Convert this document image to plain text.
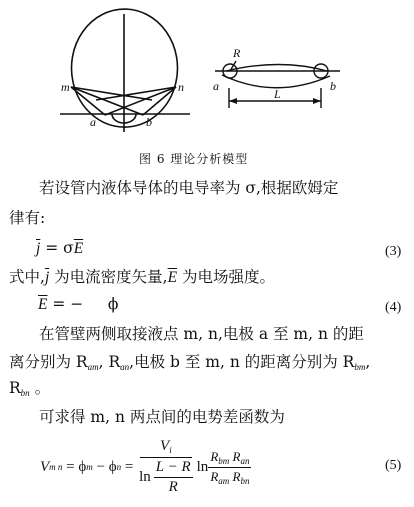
m	n
a	b
R
a	b
L
图 6 理论分析模型
若设管内液体导体的电导率为 σ,根据欧姆定
律有:
$\overline{j} = \sigma\overline{E}$	(3)
式中$,\overline{j}$ 为电流密度矢量$,\overline{E}$ 为电场强度。
$\overline{E}$ = −     ϕ	(4)
在管壁两侧取接液点 m, n,电极 a 至 m, n 的距
离分别为 $R_{am}$, $R_{an}$,电极 b 至 m, n 的距离分别为 $R_{bm}$,
$R_{bn}$ 。
可求得 m, n 两点间的电势差函数为
V m n = ϕ m − ϕ $n = \frac{V_i}{\ln \frac{L - R}{R}}$ $\ln \frac{R_{bm} R_{an}}{R_{am} R_{bn}}$	(5)
